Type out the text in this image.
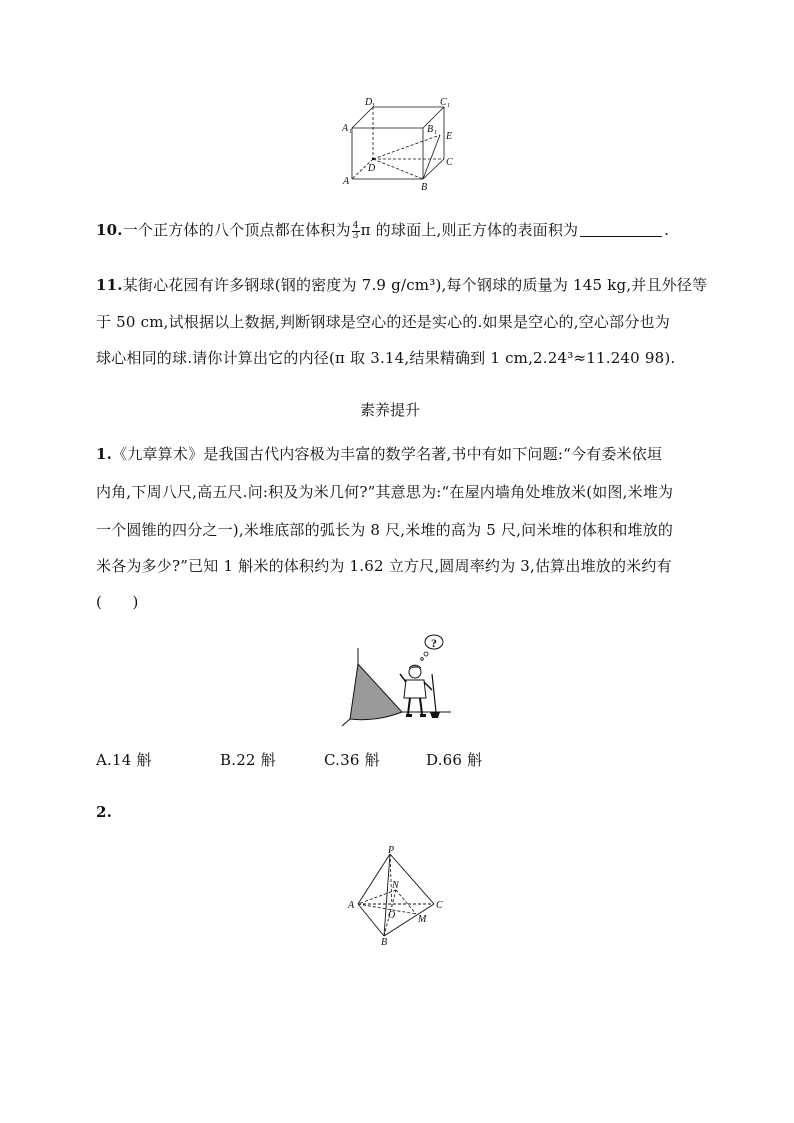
D 1	C 1
A 1	B 1 E
C
D
A
B
10.一个正方体的八个顶点都在体积为 $\frac{4}{3}$ π 的球面上,则正方体的表面积为	.
11.某街心花园有许多钢球(钢的密度为 7.9 g/cm³),每个钢球的质量为 145 kg,并且外径等
于 50 cm,试根据以上数据,判断钢球是空心的还是实心的.如果是空心的,空心部分也为
球心相同的球.请你计算出它的内径(π 取 3.14,结果精确到 1 cm,2.24³≈11.240 98).
素养提升
1.《九章算术》是我国古代内容极为丰富的数学名著,书中有如下问题:“今有委米依垣
内角,下周八尺,高五尺.问:积及为米几何?”其意思为:“在屋内墙角处堆放米(如图,米堆为
一个圆锥的四分之一),米堆底部的弧长为 8 尺,米堆的高为 5 尺,问米堆的体积和堆放的
米各为多少?”已知 1 斛米的体积约为 1.62 立方尺,圆周率约为 3,估算出堆放的米约有
(　　)
?
A.14 斛	B.22 斛	C.36 斛	D.66 斛
2.
P
N
A
O M
C
B
